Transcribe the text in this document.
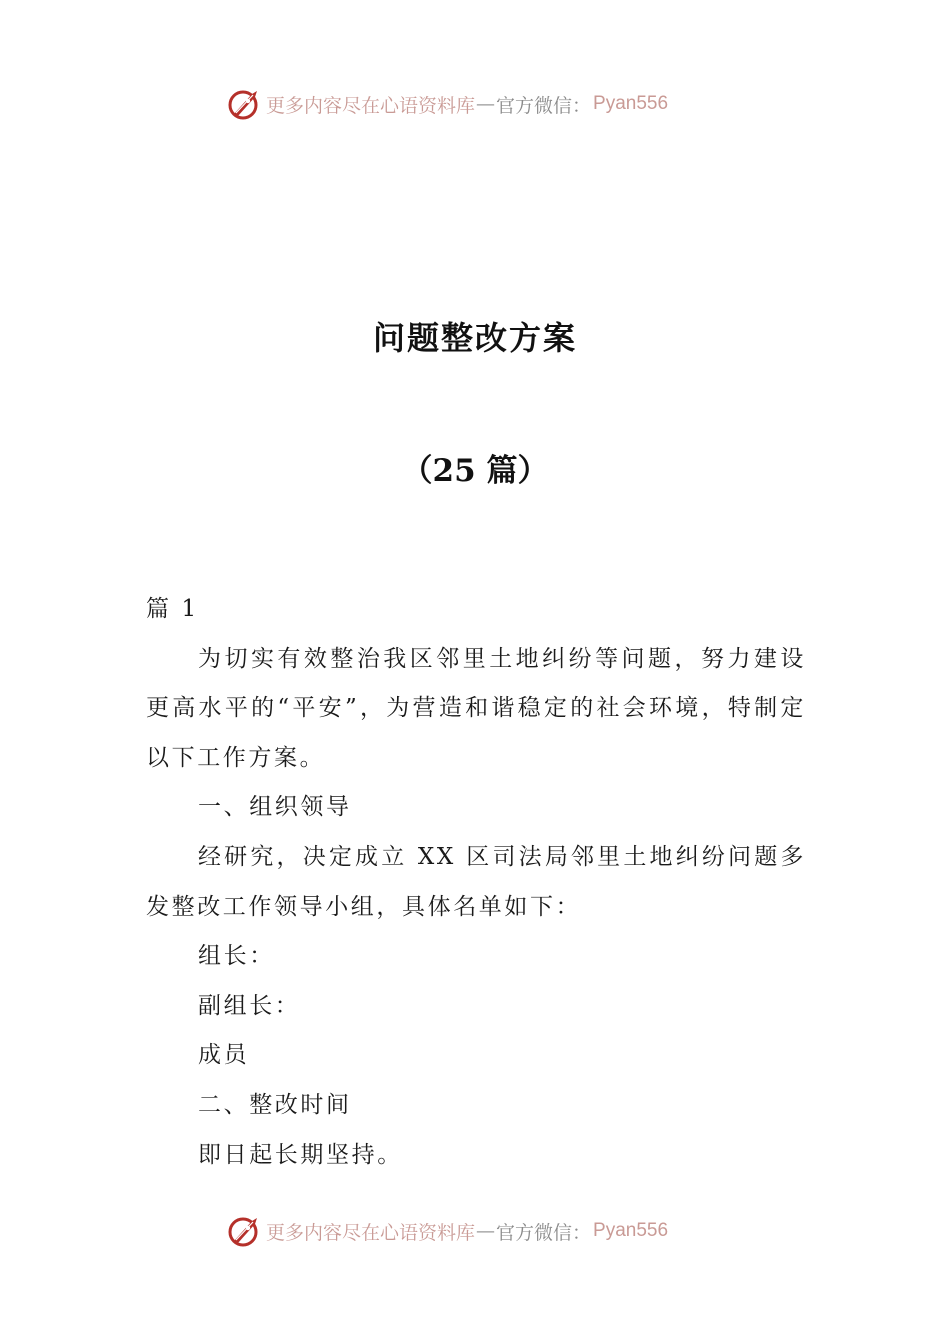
更多内容尽在心语资料库 — 官方微信： Pyan556
问题整改方案
（25 篇）

篇 1

为切实有效整治我区邻里土地纠纷等问题，努力建设更高水平的“平安”，为营造和谐稳定的社会环境，特制定以下工作方案。

一、组织领导

经研究，决定成立 XX 区司法局邻里土地纠纷问题多发整改工作领导小组，具体名单如下：

组长：

副组长：

成员

二、整改时间

即日起长期坚持。

更多内容尽在心语资料库 — 官方微信： Pyan556
